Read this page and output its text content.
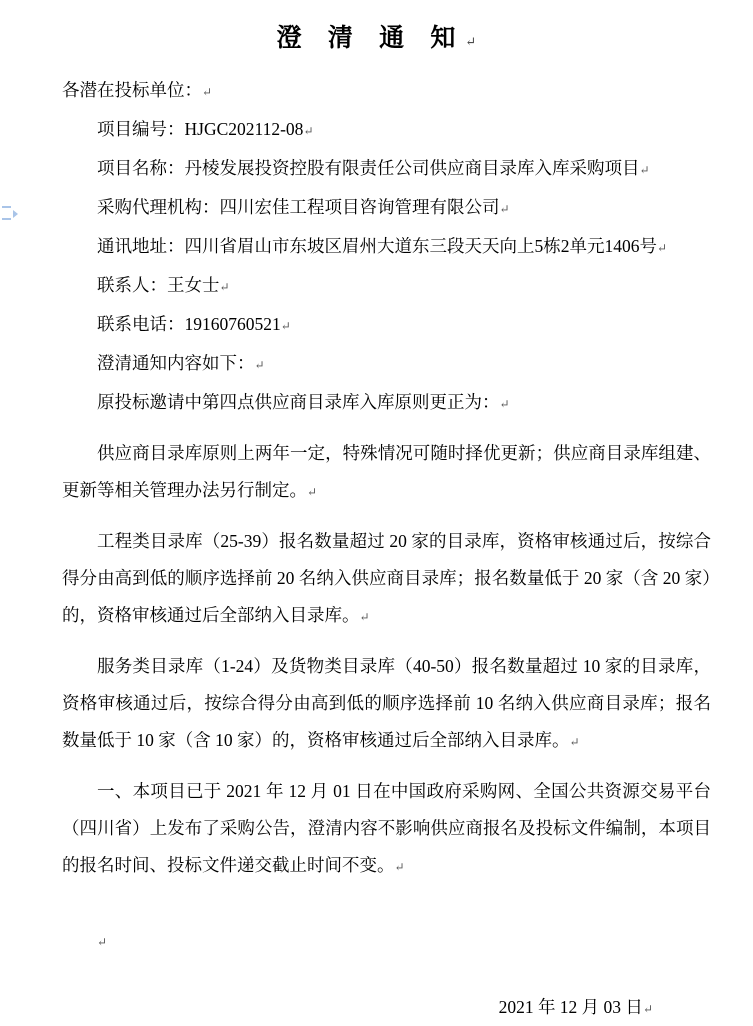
澄 清 通 知↵

各潜在投标单位：↵

项目编号：HJGC202112-08↵

项目名称：丹棱发展投资控股有限责任公司供应商目录库入库采购项目↵

采购代理机构：四川宏佳工程项目咨询管理有限公司↵

通讯地址：四川省眉山市东坡区眉州大道东三段天天向上5栋2单元1406号↵

联系人：王女士↵

联系电话：19160760521↵

澄清通知内容如下：↵

原投标邀请中第四点供应商目录库入库原则更正为：↵

供应商目录库原则上两年一定，特殊情况可随时择优更新；供应商目录库组建、更新等相关管理办法另行制定。↵

工程类目录库（25-39）报名数量超过 20 家的目录库，资格审核通过后，按综合得分由高到低的顺序选择前 20 名纳入供应商目录库；报名数量低于 20 家（含 20 家）的，资格审核通过后全部纳入目录库。↵

服务类目录库（1-24）及货物类目录库（40-50）报名数量超过 10 家的目录库，资格审核通过后，按综合得分由高到低的顺序选择前 10 名纳入供应商目录库；报名数量低于 10 家（含 10 家）的，资格审核通过后全部纳入目录库。↵

一、本项目已于 2021 年 12 月 01 日在中国政府采购网、全国公共资源交易平台（四川省）上发布了采购公告，澄清内容不影响供应商报名及投标文件编制，本项目的报名时间、投标文件递交截止时间不变。↵

↵

2021 年 12 月 03 日↵
